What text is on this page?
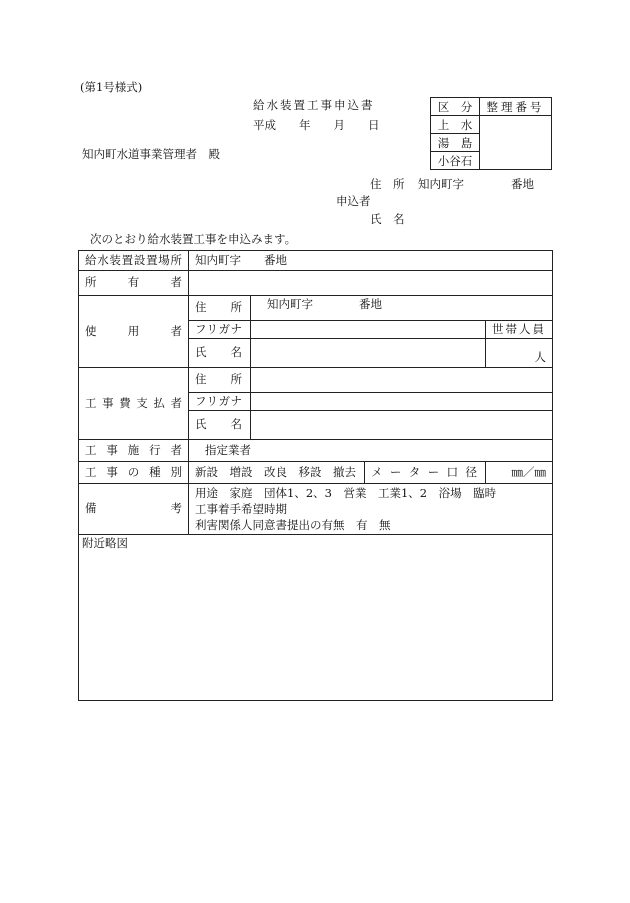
(第1号様式)
給水装置工事申込書
平成　　年　　月　　日
知内町水道事業管理者　殿
区　分	整理番号
上　水	
湯　島	
小谷石	
住　所 知内町字	番地
申込者
氏　名
次のとおり給水装置工事を申込みます。
給水装置設置場所	知内町字　　番地			
所有者				
使用者	住所	知内町字　　　　番地		
	フリガナ			世帯人員
	氏名			人
工事費支払者	住所			
	フリガナ			
	氏名			
工事施行者	指定業者			
工事の種別	新設　増設　改良　移設　撤去		メーター口径	㎜／㎜
備考	用途　家庭　団体1、2、3　営業　工業1、2　浴場　臨時
工事着手希望時期
利害関係人同意書提出の有無　有　無			

附近略図				
